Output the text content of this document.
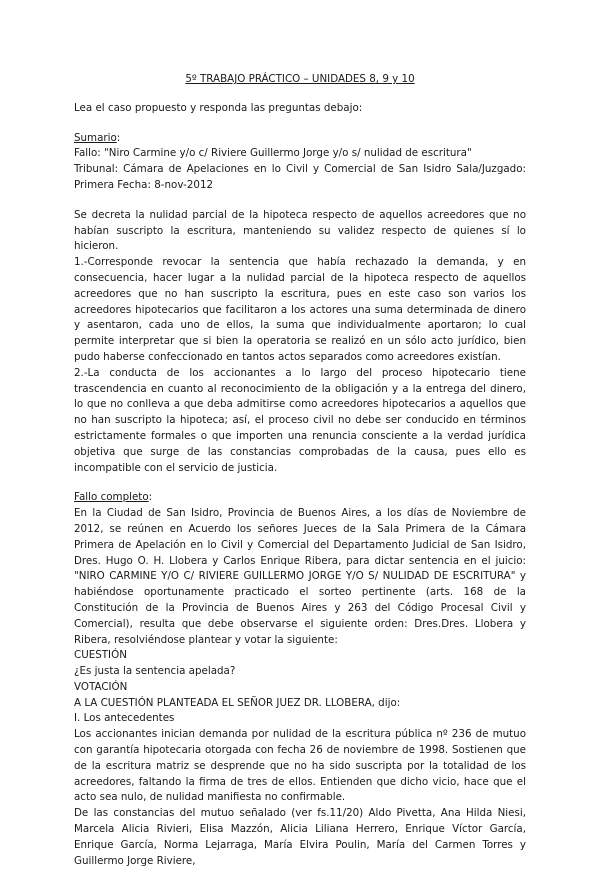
5º TRABAJO PRÁCTICO – UNIDADES 8, 9 y 10

Lea el caso propuesto y responda las preguntas debajo:

Sumario:

Fallo: "Niro Carmine y/o c/ Riviere Guillermo Jorge y/o s/ nulidad de escritura"

Tribunal: Cámara de Apelaciones en lo Civil y Comercial de San Isidro Sala/Juzgado: Primera Fecha: 8-nov-2012

Se decreta la nulidad parcial de la hipoteca respecto de aquellos acreedores que no habían suscripto la escritura, manteniendo su validez respecto de quienes sí lo hicieron.

1.-Corresponde revocar la sentencia que había rechazado la demanda, y en consecuencia, hacer lugar a la nulidad parcial de la hipoteca respecto de aquellos acreedores que no han suscripto la escritura, pues en este caso son varios los acreedores hipotecarios que facilitaron a los actores una suma determinada de dinero y asentaron, cada uno de ellos, la suma que individualmente aportaron; lo cual permite interpretar que si bien la operatoria se realizó en un sólo acto jurídico, bien pudo haberse confeccionado en tantos actos separados como acreedores existían.

2.-La conducta de los accionantes a lo largo del proceso hipotecario tiene trascendencia en cuanto al reconocimiento de la obligación y a la entrega del dinero, lo que no conlleva a que deba admitirse como acreedores hipotecarios a aquellos que no han suscripto la hipoteca; así, el proceso civil no debe ser conducido en términos estrictamente formales o que importen una renuncia consciente a la verdad jurídica objetiva que surge de las constancias comprobadas de la causa, pues ello es incompatible con el servicio de justicia.

Fallo completo:

En la Ciudad de San Isidro, Provincia de Buenos Aires, a los días de Noviembre de 2012, se reúnen en Acuerdo los señores Jueces de la Sala Primera de la Cámara Primera de Apelación en lo Civil y Comercial del Departamento Judicial de San Isidro, Dres. Hugo O. H. Llobera y Carlos Enrique Ribera, para dictar sentencia en el juicio: "NIRO CARMINE Y/O C/ RIVIERE GUILLERMO JORGE Y/O S/ NULIDAD DE ESCRITURA" y habiéndose oportunamente practicado el sorteo pertinente (arts. 168 de la Constitución de la Provincia de Buenos Aires y 263 del Código Procesal Civil y Comercial), resulta que debe observarse el siguiente orden: Dres.Dres. Llobera y Ribera, resolviéndose plantear y votar la siguiente:

CUESTIÓN

¿Es justa la sentencia apelada?

VOTACIÓN

A LA CUESTIÓN PLANTEADA EL SEÑOR JUEZ DR. LLOBERA, dijo:

I. Los antecedentes

Los accionantes inician demanda por nulidad de la escritura pública nº 236 de mutuo con garantía hipotecaria otorgada con fecha 26 de noviembre de 1998. Sostienen que de la escritura matriz se desprende que no ha sido suscripta por la totalidad de los acreedores, faltando la firma de tres de ellos. Entienden que dicho vicio, hace que el acto sea nulo, de nulidad manifiesta no confirmable.

De las constancias del mutuo señalado (ver fs.11/20) Aldo Pivetta, Ana Hilda Niesi, Marcela Alicia Rivieri, Elisa Mazzón, Alicia Liliana Herrero, Enrique Víctor García, Enrique García, Norma Lejarraga, María Elvira Poulin, María del Carmen Torres y Guillermo Jorge Riviere,
